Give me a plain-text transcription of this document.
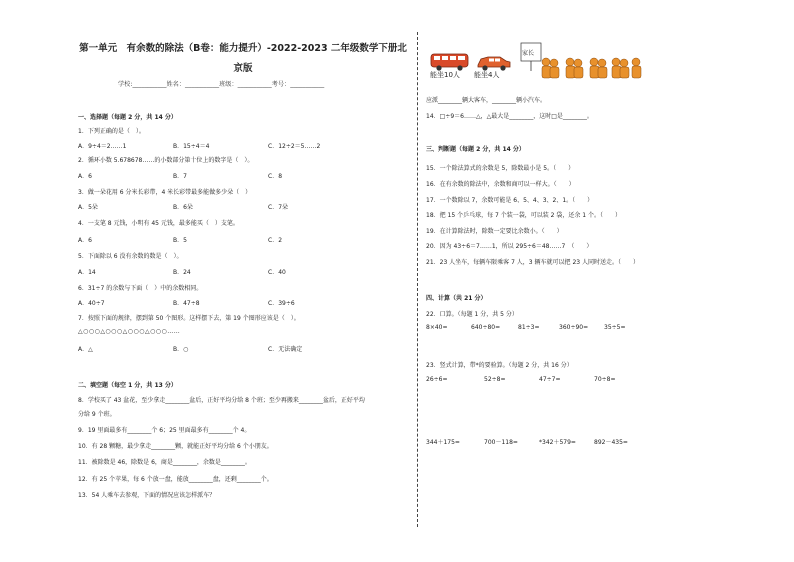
第一单元　有余数的除法（B卷：能力提升）-2022-2023 二年级数学下册北
京版
学校:___________姓名：___________班级：___________考号：___________
一、选择题（每题 2 分，共 14 分）
1．下列正确的是（　）。
A．9÷4＝2……1	B．15÷4＝4	C．12÷2＝5……2
2．循环小数 5.678678……的小数部分第十位上的数字是（　）。
A．6	B．7	C．8
3．做一朵花用 6 分米长彩带，4 米长彩带最多能做多少朵（　）
A．5朵	B．6朵	C．7朵
4．一支笔 8 元钱，小明有 45 元钱，最多能买（　）支笔。
A．6	B．5	C．2
5．下面除以 6 没有余数的数是（　）。
A．14	B．24	C．40
6．31÷7 的余数与下面（　）中的余数相同。
A．40÷7	B．47÷8	C．39÷6
7．按照下面的规律，摆到第 50 个图形。这样摆下去，第 19 个图形应该是（　）。
△○○○△○○○△○○○△○○○……
A．△	B．○	C．无法确定
二、填空题（每空 1 分，共 13 分）
8．学校买了 43 盆花，至少拿走________盆后，正好平均分给 8 个班；至少再搬来________盆后，正好平均
分给 9 个班。
9．19 里面最多有________个 6；25 里面最多有________个 4。
10．有 28 颗糖，最少拿走________颗，就能正好平均分给 6 个小朋友。
11．被除数是 46，除数是 6，商是________，余数是________。
12．有 25 个苹果，每 6 个放一盘，能放________盘，还剩________个。
13．54 人乘车去参观，下面的情况应该怎样派车？
能坐10人 能坐4人
家长
应派________辆大客车，________辆小汽车。
14．□÷9＝6……△，△最大是________，这时□是________。
三、判断题（每题 2 分，共 14 分）
15．一个除法算式的余数是 5，除数最小是 5。（　　）
16．在有余数的除法中，余数和商可以一样大。（　　）
17．一个数除以 7，余数可能是 6、5、4、3、2、1。（　　）
18．把 15 个乒乓球，每 7 个装一袋，可以装 2 袋，还余 1 个。（　　）
19．在计算除法时，除数一定要比余数小。（　　）
20．因为 43÷6＝7……1，所以 295÷6＝48……7　（　　）
21．23 人坐车，每辆车限乘客 7 人，3 辆车就可以把 23 人同时送走。（　　）
四、计算（共 21 分）
22．口算。（每题 1 分，共 5 分）
8×40=	640÷80=	81÷3=	360÷90=	35÷5=
23．竖式计算，带*的要验算。（每题 2 分，共 16 分）
26÷6=	52÷8=	47÷7=	70÷8=
344＋175=	700－118=	*342＋579=	892－435=
